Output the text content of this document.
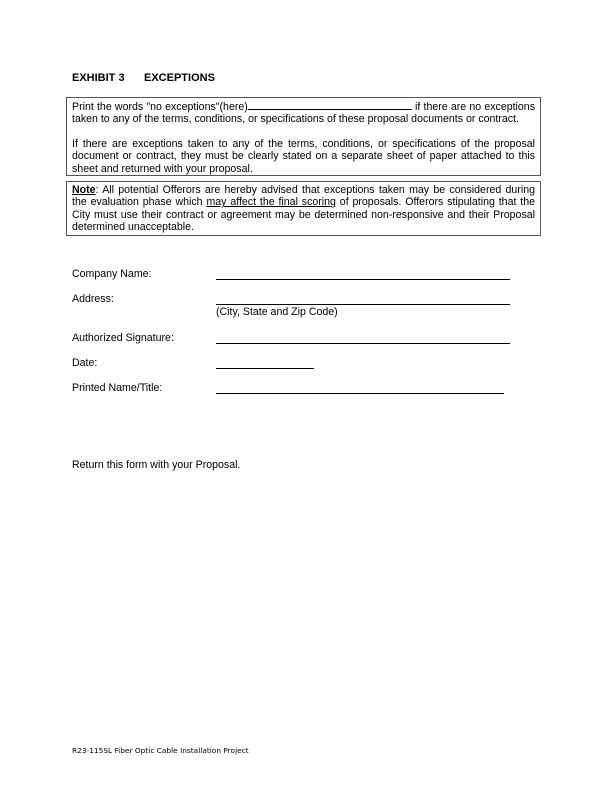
EXHIBIT 3 EXCEPTIONS

Print the words "no exceptions"(here)	if there are no exceptions taken to any of the terms, conditions, or specifications of these proposal documents or contract.

If there are exceptions taken to any of the terms, conditions, or specifications of the proposal document or contract, they must be clearly stated on a separate sheet of paper attached to this sheet and returned with your proposal.

Note: All potential Offerors are hereby advised that exceptions taken may be considered during the evaluation phase which may affect the final scoring of proposals. Offerors stipulating that the City must use their contract or agreement may be determined non-responsive and their Proposal determined unacceptable.

Company Name:
Address:
(City, State and Zip Code)
Authorized Signature:
Date:
Printed Name/Title:
Return this form with your Proposal.
R23-115SL Fiber Optic Cable Installation Project
